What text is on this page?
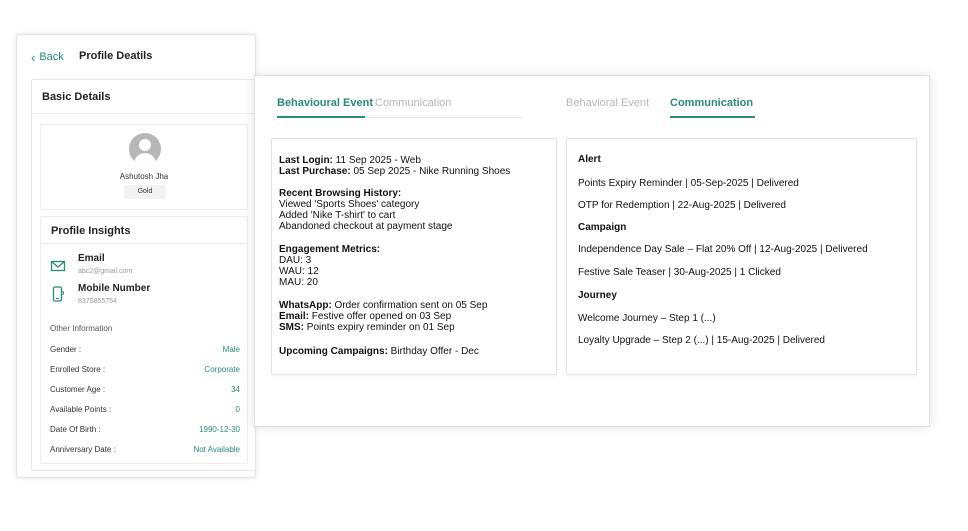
‹ Back Profile Deatils
Basic Details
Ashutosh Jha
Gold
Profile Insights
Email
abc2@gmail.com
Mobile Number
8375855754
Other Information
Gender :	Male
Enrolled Store :	Corporate
Customer Age :	34
Available Points :	0
Date Of Birth :	1990-12-30
Anniversary Date :	Not Available
Behavioural Event Communication	Behavioral Event Communication
Last Login: 11 Sep 2025 - Web
Last Purchase: 05 Sep 2025 - Nike Running Shoes
Recent Browsing History:
Viewed 'Sports Shoes' category
Added 'Nike T-shirt' to cart
Abandoned checkout at payment stage
Engagement Metrics:
DAU: 3
WAU: 12
MAU: 20
WhatsApp: Order confirmation sent on 05 Sep
Email: Festive offer opened on 03 Sep
SMS: Points expiry reminder on 01 Sep
Upcoming Campaigns: Birthday Offer - Dec
Alert
Points Expiry Reminder | 05-Sep-2025 | Delivered
OTP for Redemption | 22-Aug-2025 | Delivered
Campaign
Independence Day Sale – Flat 20% Off | 12-Aug-2025 | Delivered
Festive Sale Teaser | 30-Aug-2025 | 1 Clicked
Journey
Welcome Journey – Step 1 (...)
Loyalty Upgrade – Step 2 (...) | 15-Aug-2025 | Delivered
